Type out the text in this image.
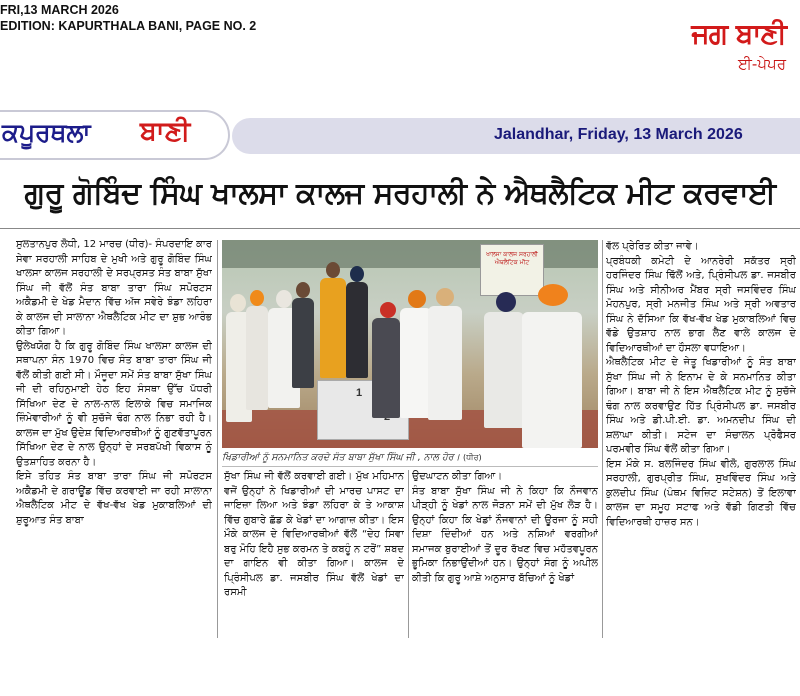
FRI,13 MARCH 2026
EDITION: KAPURTHALA BANI, PAGE NO. 2	ਜਗ ਬਾਣੀ
ਈ-ਪੇਪਰ
ਕਪੂਰਥਲਾ ਬਾਣੀ	Jalandhar, Friday, 13 March 2026
ਗੁਰੂ ਗੋਬਿੰਦ ਸਿੰਘ ਖਾਲਸਾ ਕਾਲਜ ਸਰਹਾਲੀ ਨੇ ਐਥਲੈਟਿਕ ਮੀਟ ਕਰਵਾਈ

ਸੁਲਤਾਨਪੁਰ ਲੋਧੀ, 12 ਮਾਰਚ (ਧੀਰ)- ਸੰਪਰਦਾਇ ਕਾਰ ਸੇਵਾ ਸਰਹਾਲੀ ਸਾਹਿਬ ਦੇ ਮੁਖੀ ਅਤੇ ਗੁਰੂ ਗੋਬਿੰਦ ਸਿੰਘ ਖਾਲਸਾ ਕਾਲਜ ਸਰਹਾਲੀ ਦੇ ਸਰਪ੍ਰਸਤ ਸੰਤ ਬਾਬਾ ਸੁੱਖਾ ਸਿੰਘ ਜੀ ਵੱਲੋਂ ਸੰਤ ਬਾਬਾ ਤਾਰਾ ਸਿੰਘ ਸਪੋਰਟਸ ਅਕੈਡਮੀ ਦੇ ਖੇਡ ਮੈਦਾਨ ਵਿੱਚ ਅੱਜ ਸਵੇਰੇ ਝੰਡਾ ਲਹਿਰਾ ਕੇ ਕਾਲਜ ਦੀ ਸਾਲਾਨਾ ਐਥਲੈਟਿਕ ਮੀਟ ਦਾ ਸ਼ੁਭ ਆਰੰਭ ਕੀਤਾ ਗਿਆ।

ਉਲੇਖਯੋਗ ਹੈ ਕਿ ਗੁਰੂ ਗੋਬਿੰਦ ਸਿੰਘ ਖਾਲਸਾ ਕਾਲਜ ਦੀ ਸਥਾਪਨਾ ਸੰਨ 1970 ਵਿਚ ਸੰਤ ਬਾਬਾ ਤਾਰਾ ਸਿੰਘ ਜੀ ਵੱਲੋਂ ਕੀਤੀ ਗਈ ਸੀ। ਮੌਜੂਦਾ ਸਮੇਂ ਸੰਤ ਬਾਬਾ ਸੁੱਖਾ ਸਿੰਘ ਜੀ ਦੀ ਰਹਿਨੁਮਾਈ ਹੇਠ ਇਹ ਸੰਸਥਾ ਉੱਚ ਪੱਧਰੀ ਸਿੱਖਿਆ ਦੇਣ ਦੇ ਨਾਲ-ਨਾਲ ਇਲਾਕੇ ਵਿਚ ਸਮਾਜਿਕ ਜ਼ਿੰਮੇਵਾਰੀਆਂ ਨੂੰ ਵੀ ਸੁਚੱਜੇ ਢੰਗ ਨਾਲ ਨਿਭਾ ਰਹੀ ਹੈ। ਕਾਲਜ ਦਾ ਮੁੱਖ ਉਦੇਸ਼ ਵਿਦਿਆਰਥੀਆਂ ਨੂੰ ਗੁਣਵੱਤਾਪੂਰਨ ਸਿੱਖਿਆ ਦੇਣ ਦੇ ਨਾਲ ਉਨ੍ਹਾਂ ਦੇ ਸਰਬਪੱਖੀ ਵਿਕਾਸ ਨੂੰ ਉਤਸ਼ਾਹਿਤ ਕਰਨਾ ਹੈ।

ਇਸੇ ਤਹਿਤ ਸੰਤ ਬਾਬਾ ਤਾਰਾ ਸਿੰਘ ਜੀ ਸਪੋਰਟਸ ਅਕੈਡਮੀ ਦੇ ਗਰਾਊਂਡ ਵਿੱਚ ਕਰਵਾਈ ਜਾ ਰਹੀ ਸਾਲਾਨਾ ਐਥਲੈਟਿਕ ਮੀਟ ਦੇ ਵੱਖ-ਵੱਖ ਖੇਡ ਮੁਕਾਬਲਿਆਂ ਦੀ ਸ਼ੁਰੂਆਤ ਸੰਤ ਬਾਬਾ

ਖਾਲਸਾ ਕਾਲਜ ਸਰਹਾਲੀ ਐਥਲੈਟਿਕ ਮੀਟ
1
ਖਿਡਾਰੀਆਂ ਨੂੰ ਸਨਮਾਨਿਤ ਕਰਦੇ ਸੰਤ ਬਾਬਾ ਸੁੱਖਾ ਸਿੰਘ ਜੀ , ਨਾਲ ਹੋਰ। (ਧੀਰ)

ਸੁੱਖਾ ਸਿੰਘ ਜੀ ਵੱਲੋਂ ਕਰਵਾਈ ਗਈ। ਮੁੱਖ ਮਹਿਮਾਨ ਵਜੋਂ ਉਨ੍ਹਾਂ ਨੇ ਖਿਡਾਰੀਆਂ ਦੀ ਮਾਰਚ ਪਾਸਟ ਦਾ ਜਾਇਜ਼ਾ ਲਿਆ ਅਤੇ ਝੰਡਾ ਲਹਿਰਾ ਕੇ ਤੇ ਆਕਾਸ਼ ਵਿੱਚ ਗੁਬਾਰੇ ਛੱਡ ਕੇ ਖੇਡਾਂ ਦਾ ਆਗਾਜ਼ ਕੀਤਾ। ਇਸ ਮੌਕੇ ਕਾਲਜ ਦੇ ਵਿਦਿਆਰਥੀਆਂ ਵੱਲੋਂ “ਦੇਹ ਸਿਵਾ ਬਰੁ ਮੋਹਿ ਇਹੈ ਸੁਭ ਕਰਮਨ ਤੇ ਕਬਹੂੰ ਨ ਟਰੋਂ” ਸ਼ਬਦ ਦਾ ਗਾਇਨ ਵੀ ਕੀਤਾ ਗਿਆ। ਕਾਲਜ ਦੇ ਪ੍ਰਿੰਸੀਪਲ ਡਾ. ਜਸਬੀਰ ਸਿੰਘ ਵੱਲੋਂ ਖੇਡਾਂ ਦਾ ਰਸਮੀ

ਉਦਘਾਟਨ ਕੀਤਾ ਗਿਆ।

ਸੰਤ ਬਾਬਾ ਸੁੱਖਾ ਸਿੰਘ ਜੀ ਨੇ ਕਿਹਾ ਕਿ ਨੌਜਵਾਨ ਪੀੜ੍ਹੀ ਨੂੰ ਖੇਡਾਂ ਨਾਲ ਜੋੜਨਾ ਸਮੇਂ ਦੀ ਮੁੱਖ ਲੋੜ ਹੈ। ਉਨ੍ਹਾਂ ਕਿਹਾ ਕਿ ਖੇਡਾਂ ਨੌਜਵਾਨਾਂ ਦੀ ਊਰਜਾ ਨੂੰ ਸਹੀ ਦਿਸ਼ਾ ਦਿੰਦੀਆਂ ਹਨ ਅਤੇ ਨਸ਼ਿਆਂ ਵਰਗੀਆਂ ਸਮਾਜਕ ਬੁਰਾਈਆਂ ਤੋਂ ਦੂਰ ਰੱਖਣ ਵਿਚ ਮਹੱਤਵਪੂਰਨ ਭੂਮਿਕਾ ਨਿਭਾਉਂਦੀਆਂ ਹਨ। ਉਨ੍ਹਾਂ ਸੰਗ ਨੂੰ ਅਪੀਲ ਕੀਤੀ ਕਿ ਗੁਰੂ ਆਸ਼ੇ ਅਨੁਸਾਰ ਬੱਚਿਆਂ ਨੂੰ ਖੇਡਾਂ

ਵੱਲ ਪ੍ਰੇਰਿਤ ਕੀਤਾ ਜਾਵੇ।

ਪ੍ਰਬੰਧਕੀ ਕਮੇਟੀ ਦੇ ਆਨਰੇਰੀ ਸਕੱਤਰ ਸ੍ਰੀ ਹਰਜਿੰਦਰ ਸਿੰਘ ਢਿੱਲੋਂ ਅਤੇ, ਪ੍ਰਿੰਸੀਪਲ ਡਾ. ਜਸਬੀਰ ਸਿੰਘ ਅਤੇ ਸੀਨੀਅਰ ਮੈਂਬਰ ਸ੍ਰੀ ਜਸਵਿੰਦਰ ਸਿੰਘ ਮੋਹਨਪੁਰ, ਸ੍ਰੀ ਮਨਜੀਤ ਸਿੰਘ ਅਤੇ ਸ੍ਰੀ ਅਵਤਾਰ ਸਿੰਘ ਨੇ ਦੱਸਿਆ ਕਿ ਵੱਖ-ਵੱਖ ਖੇਡ ਮੁਕਾਬਲਿਆਂ ਵਿਚ ਵੱਡੇ ਉਤਸ਼ਾਹ ਨਾਲ ਭਾਗ ਲੈਣ ਵਾਲੇ ਕਾਲਜ ਦੇ ਵਿਦਿਆਰਥੀਆਂ ਦਾ ਹੌਸਲਾ ਵਧਾਇਆ।

ਐਥਲੈਟਿਕ ਮੀਟ ਦੇ ਜੇਤੂ ਖਿਡਾਰੀਆਂ ਨੂੰ ਸੰਤ ਬਾਬਾ ਸੁੱਖਾ ਸਿੰਘ ਜੀ ਨੇ ਇਨਾਮ ਦੇ ਕੇ ਸਨਮਾਨਿਤ ਕੀਤਾ ਗਿਆ। ਬਾਬਾ ਜੀ ਨੇ ਇਸ ਐਥਲੈਟਿਕ ਮੀਟ ਨੂੰ ਸੁਚੱਜੇ ਢੰਗ ਨਾਲ ਕਰਵਾਉਣ ਹਿੱਤ ਪ੍ਰਿੰਸੀਪਲ ਡਾ. ਜਸਬੀਰ ਸਿੰਘ ਅਤੇ ਡੀ.ਪੀ.ਈ. ਡਾ. ਅਮਨਦੀਪ ਸਿੰਘ ਦੀ ਸ਼ਲਾਘਾ ਕੀਤੀ। ਸਟੇਜ ਦਾ ਸੰਚਾਲਨ ਪ੍ਰੋਫੈਸਰ ਪਰਮਵੀਰ ਸਿੰਘ ਵੱਲੋਂ ਕੀਤਾ ਗਿਆ।

ਇਸ ਮੌਕੇ ਸ. ਬਲਜਿੰਦਰ ਸਿੰਘ ਵੀਲੋ, ਗੁਰਲਾਲ ਸਿੰਘ ਸਰਹਾਲੀ, ਗੁਰਪ੍ਰੀਤ ਸਿੰਘ, ਸੁਖਵਿੰਦਰ ਸਿੰਘ ਅਤੇ ਕੁਲਦੀਪ ਸਿੰਘ (ਪੰਥਮ ਵਿਜ਼ਿਟ ਸਟੇਸ਼ਨ) ਤੋਂ ਇਲਾਵਾ ਕਾਲਜ ਦਾ ਸਮੂਹ ਸਟਾਫ ਅਤੇ ਵੱਡੀ ਗਿਣਤੀ ਵਿੱਚ ਵਿਦਿਆਰਥੀ ਹਾਜ਼ਰ ਸਨ।
